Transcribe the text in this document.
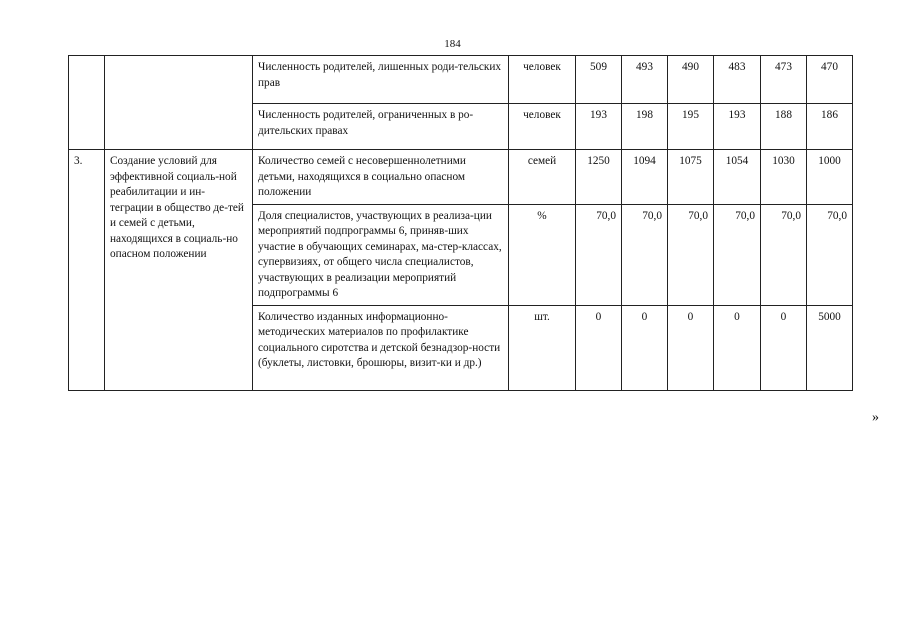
184
		Численность родителей, лишенных роди-тельских прав	человек	509	493	490	483	473	470
		Численность родителей, ограниченных в ро-дительских правах	человек	193	198	195	193	188	186
3.	Создание условий для эффективной социаль-ной реабилитации и ин-теграции в общество де-тей и семей с детьми, находящихся в социаль-но опасном положении	Количество семей с несовершеннолетними детьми, находящихся в социально опасном положении	семей	1250	1094	1075	1054	1030	1000
		Доля специалистов, участвующих в реализа-ции мероприятий подпрограммы 6, приняв-ших участие в обучающих семинарах, ма-стер-классах, супервизиях, от общего числа специалистов, участвующих в реализации мероприятий подпрограммы 6	%	70,0	70,0	70,0	70,0	70,0	70,0
		Количество изданных информационно-методических материалов по профилактике социального сиротства и детской безнадзор-ности (буклеты, листовки, брошюры, визит-ки и др.)	шт.	0	0	0	0	0	5000
»
